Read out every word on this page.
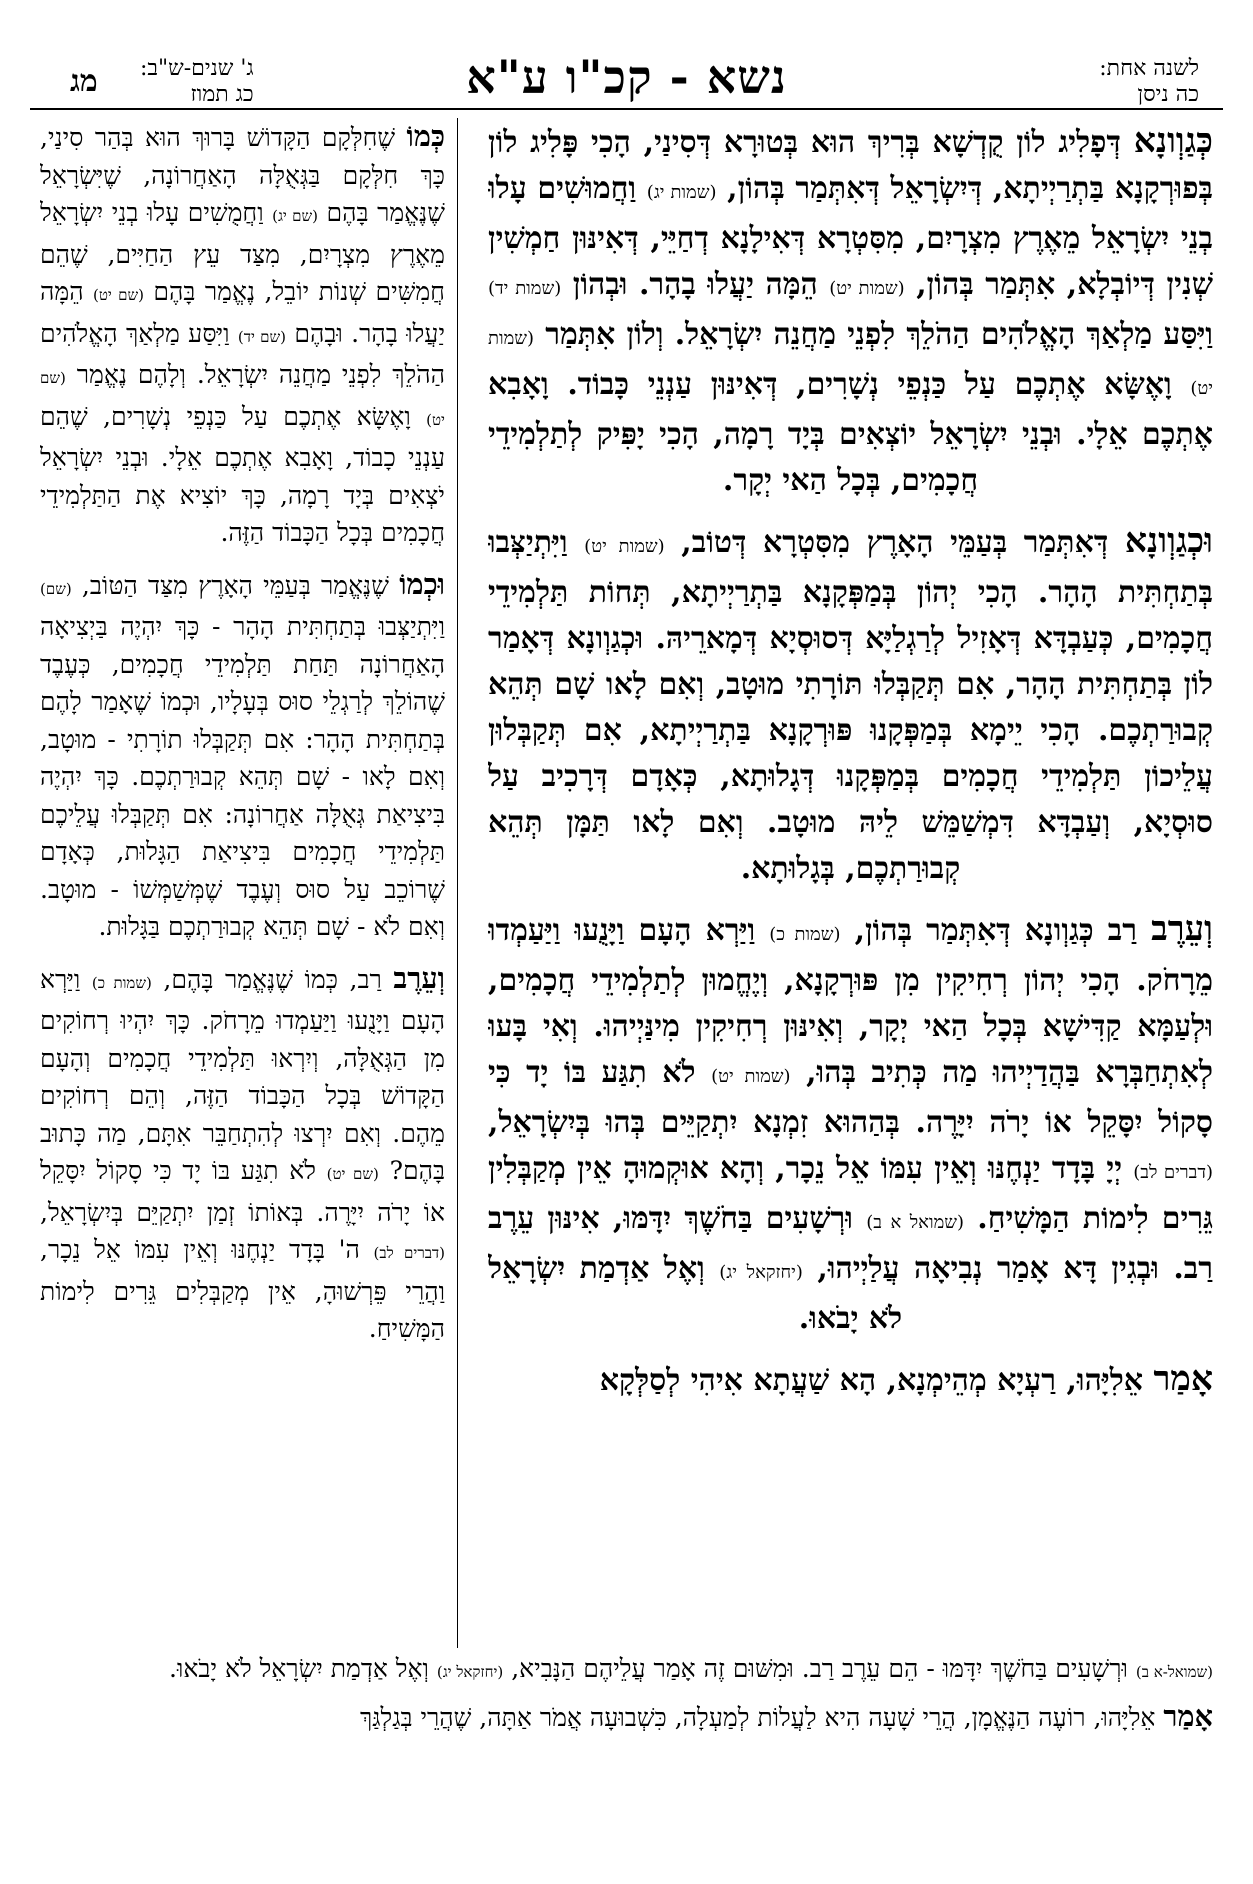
לשנה אחת:
כה ניסן
נשא - קכ"ו ע"א
ג' שנים-ש"ב:
כג תמוז
מג

כְּגַוְונָא דְּפָלִיג לוֹן קֻדְשָׁא בְּרִיךְ הוּא בְּטוּרָא דְּסִינַי, הָכִי פָּלִיג לוֹן בְּפוּרְקָנָא בַּתְרַיְיתָא, דְּיִשְׂרָאֵל דְּאִתְּמַר בְּהוֹן, (שמות יג) וַחֲמוּשִׁים עָלוּ בְנֵי יִשְׂרָאֵל מֵאֶרֶץ מִצְרָיִם, מִסִּטְרָא דְּאִילָנָא דְחַיֵּי, דְּאִינּוּן חַמְשִׁין שְׁנִין דְּיוֹבְלָא, אִתְּמַר בְּהוֹן, (שמות יט) הֵמָּה יַעֲלוּ בָהָר. וּבְהוֹן (שמות יד) וַיִּסַּע מַלְאַךְ הָאֱלֹהִים הַהֹלֵךְ לִפְנֵי מַחֲנֵה יִשְׂרָאֵל. וְלוֹן אִתְּמַר (שמות יט) וָאֶשָּׂא אֶתְכֶם עַל כַּנְפֵי נְשָׁרִים, דְּאִינּוּן עַנְנֵי כָּבוֹד. וָאָבִא אֶתְכֶם אֵלָי. וּבְנֵי יִשְׂרָאֵל יוֹצְאִים בְּיָד רָמָה, הָכִי יָפִּיק לְתַלְמִידֵי חֲכָמִים, בְּכָל הַאי יְקָר.

וּכְגַוְונָא דְּאִתְּמַר בְּעַמֵּי הָאָרֶץ מִסִּטְרָא דְּטוֹב, (שמות יט) וַיִּתְיַצְּבוּ בְּתַחְתִּית הָהָר. הָכִי יְהוֹן בְּמַפְּקָנָא בַּתְרַיְיתָא, תְּחוֹת תַּלְמִידֵי חֲכָמִים, כְּעַבְדָּא דְּאָזִיל לְרַגְלַיָּא דְּסוּסְיָא דְּמָארֵיהּ. וּכְגַוְונָא דְּאָמַר לוֹן בְּתַחְתִּית הָהָר, אִם תְּקַבְּלוּ תּוֹרָתִי מוּטָב, וְאִם לָאו שָׁם תְּהֵא קְבוּרַתְכֶם. הָכִי יֵימָא בְּמַפְּקָנוּ פּוּרְקָנָא בַּתְרַיְיתָא, אִם תְּקַבְּלוּן עֲלֵיכוֹן תַּלְמִידֵי חֲכָמִים בְּמַפְּקָנוּ דְּגָלוּתָא, כְּאָדָם דְּרָכִיב עַל סוּסְיָא, וְעַבְדָּא דִּמְשַׁמֵּשׁ לֵיהּ מוּטָב. וְאִם לָאו תַּמָּן תְּהֵא קְבוּרַתְכֶם, בְּגָלוּתָא.

וְעֵרֶב רַב כְּגַוְונָא דְּאִתְּמַר בְּהוֹן, (שמות כ) וַיַּרְא הָעָם וַיָּנֻעוּ וַיַּעַמְדוּ מֵרָחֹק. הָכִי יְהוֹן רְחִיקִין מִן פּוּרְקָנָא, וְיֶחֱמוּן לְתַלְמִידֵי חֲכָמִים, וּלְעַמָּא קַדִּישָׁא בְּכָל הַאי יְקָר, וְאִינּוּן רְחִיקִין מִינַּיְיהוּ. וְאִי בָּעוּ לְאִתְחַבְּרָא בַּהֲדַיְיהוּ מַה כְּתִיב בְּהוּ, (שמות יט) לֹא תִגַּע בּוֹ יָד כִּי סָקוֹל יִסָּקֵל אוֹ יָרֹה יִיָּרֶה. בְּהַהוּא זִמְנָא יִתְקַיֵּים בְּהוּ בְּיִשְׂרָאֵל, (דברים לב) יְיָ בָּדָד יַנְחֶנּוּ וְאֵין עִמּוֹ אֵל נֵכָר, וְהָא אוּקְמוּהָ אֵין מְקַבְּלִין גֵּרִים לִימוֹת הַמָּשִׁיחַ. (שמואל א ב) וּרְשָׁעִים בַּחֹשֶׁךְ יִדָּמּוּ, אִינּוּן עֵרֶב רַב. וּבְגִין דָּא אָמַר נְבִיאָה עֲלַיְיהוּ, (יחזקאל יג) וְאֶל אַדְמַת יִשְׂרָאֵל לֹא יָבֹאוּ.

אָמַר אֵלִיָּהוּ, רַעְיָא מְהֵימְנָא, הָא שַׁעֲתָא אִיהִי לְסַלְּקָא

כְּמוֹ שֶׁחִלְּקָם הַקָּדוֹשׁ בָּרוּךְ הוּא בְּהַר סִינַי, כָּךְ חִלְּקָם בַּגְּאֻלָּה הָאַחֲרוֹנָה, שֶׁיִּשְׂרָאֵל שֶׁנֶּאֱמַר בָּהֶם (שם יג) וַחֲמֻשִׁים עָלוּ בְנֵי יִשְׂרָאֵל מֵאֶרֶץ מִצְרָיִם, מִצַּד עֵץ הַחַיִּים, שֶׁהֵם חֲמִשִּׁים שְׁנוֹת יוֹבֵל, נֶאֱמַר בָּהֶם (שם יט) הֵמָּה יַעֲלוּ בָהָר. וּבָהֶם (שם יד) וַיִּסַּע מַלְאַךְ הָאֱלֹהִים הַהֹלֵךְ לִפְנֵי מַחֲנֵה יִשְׂרָאֵל. וְלָהֶם נֶאֱמַר (שם יט) וָאֶשָּׂא אֶתְכֶם עַל כַּנְפֵי נְשָׁרִים, שֶׁהֵם עַנְנֵי כָבוֹד, וָאָבִא אֶתְכֶם אֵלָי. וּבְנֵי יִשְׂרָאֵל יֹצְאִים בְּיָד רָמָה, כָּךְ יוֹצִיא אֶת הַתַּלְמִידֵי חֲכָמִים בְּכָל הַכָּבוֹד הַזֶּה.

וּכְמוֹ שֶׁנֶּאֱמַר בְּעַמֵּי הָאָרֶץ מִצַּד הַטּוֹב, (שם) וַיִּתְיַצְּבוּ בְּתַחְתִּית הָהָר - כָּךְ יִהְיֶה בַּיְצִיאָה הָאַחֲרוֹנָה תַּחַת תַּלְמִידֵי חֲכָמִים, כְּעֶבֶד שֶׁהוֹלֵךְ לְרַגְלֵי סוּס בְּעָלָיו, וּכְמוֹ שֶׁאָמַר לָהֶם בְּתַחְתִּית הָהָר: אִם תְּקַבְּלוּ תוֹרָתִי - מוּטָב, וְאִם לָאו - שָׁם תְּהֵא קְבוּרַתְכֶם. כָּךְ יִהְיֶה בִּיצִיאַת גְּאֻלָּה אַחֲרוֹנָה: אִם תְּקַבְּלוּ עֲלֵיכֶם תַּלְמִידֵי חֲכָמִים בִּיצִיאַת הַגָּלוּת, כְּאָדָם שֶׁרוֹכֵב עַל סוּס וְעֶבֶד שֶׁמְּשַׁמְּשׁוֹ - מוּטָב. וְאִם לֹא - שָׁם תְּהֵא קְבוּרַתְכֶם בַּגָּלוּת.

וְעֵרֶב רַב, כְּמוֹ שֶׁנֶּאֱמַר בָּהֶם, (שמות כ) וַיַּרְא הָעָם וַיָּנֻעוּ וַיַּעַמְדוּ מֵרָחֹק. כָּךְ יִהְיוּ רְחוֹקִים מִן הַגְּאֻלָּה, וְיִרְאוּ תַּלְמִידֵי חֲכָמִים וְהָעָם הַקָּדוֹשׁ בְּכָל הַכָּבוֹד הַזֶּה, וְהֵם רְחוֹקִים מֵהֶם. וְאִם יִרְצוּ לְהִתְחַבֵּר אִתָּם, מַה כָּתוּב בָּהֶם? (שם יט) לֹא תִגַּע בּוֹ יָד כִּי סָקוֹל יִסָּקֵל אוֹ יָרֹה יִיָּרֶה. בְּאוֹתוֹ זְמַן יִתְקַיֵּם בְּיִשְׂרָאֵל, (דברים לב) ה' בָּדָד יַנְחֶנּוּ וְאֵין עִמּוֹ אֵל נֵכָר, וַהֲרֵי פֵּרְשׁוּהָ, אֵין מְקַבְּלִים גֵּרִים לִימוֹת הַמָּשִׁיחַ.

(שמואל-א ב) וּרְשָׁעִים בַּחֹשֶׁךְ יִדָּמּוּ - הֵם עֵרֶב רַב. וּמִשּׁוּם זֶה אָמַר עֲלֵיהֶם הַנָּבִיא, (יחזקאל יג) וְאֶל אַדְמַת יִשְׂרָאֵל לֹא יָבֹאוּ.

אָמַר אֵלִיָּהוּ, רוֹעֶה הַנֶּאֱמָן, הֲרֵי שָׁעָה הִיא לַעֲלוֹת לְמַעְלָה, כִּשְׁבוּעָה אֲמֹר אַתָּה, שֶׁהֲרֵי בְּגַלְגַּךְ
